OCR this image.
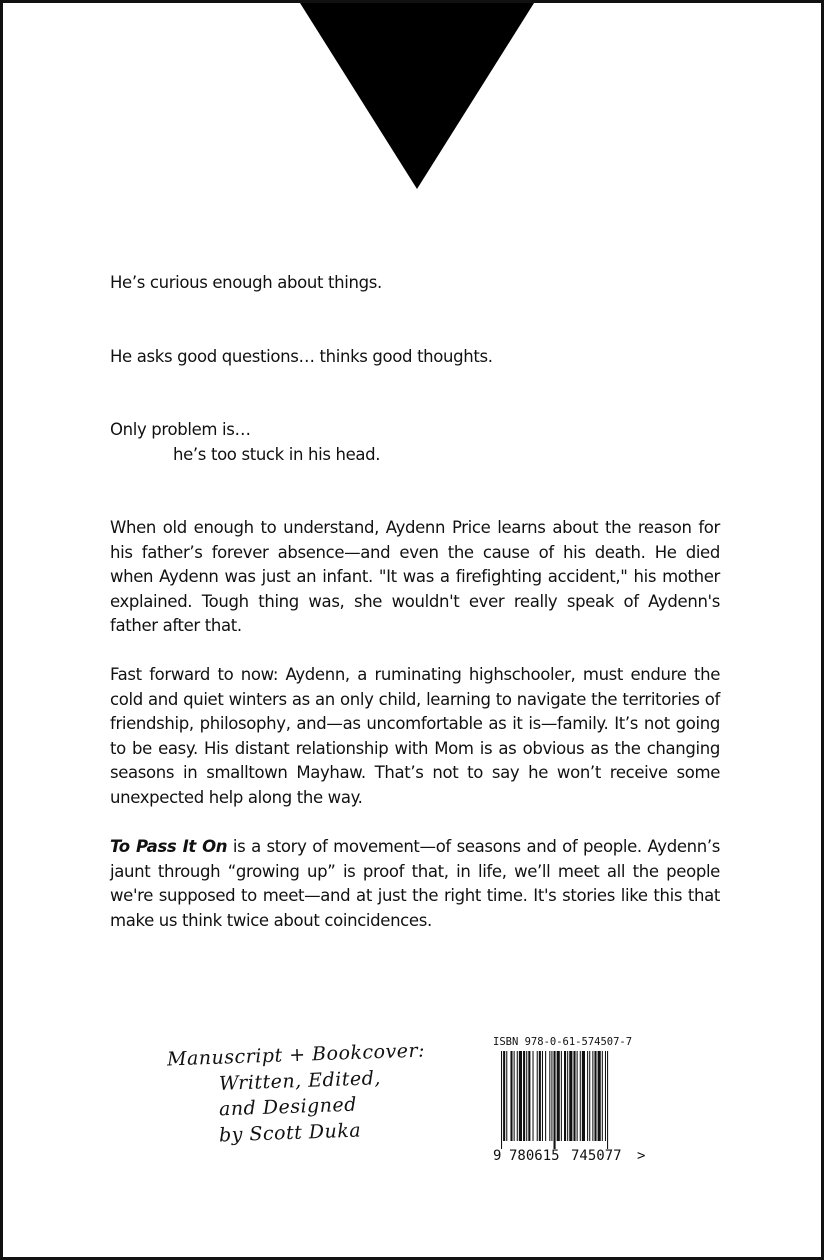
He’s curious enough about things.
He asks good questions… thinks good thoughts.
Only problem is…
he’s too stuck in his head.
When old enough to understand, Aydenn Price learns about the reason for his father’s forever absence—and even the cause of his death. He died when Aydenn was just an infant. "It was a firefighting accident," his mother explained. Tough thing was, she wouldn't ever really speak of Aydenn's father after that.
Fast forward to now: Aydenn, a ruminating highschooler, must endure the cold and quiet winters as an only child, learning to navigate the territories of friendship, philosophy, and—as uncomfortable as it is—family. It’s not going to be easy. His distant relationship with Mom is as obvious as the changing seasons in smalltown Mayhaw. That’s not to say he won’t receive some unexpected help along the way.
To Pass It On is a story of movement—of seasons and of people. Aydenn’s jaunt through “growing up” is proof that, in life, we’ll meet all the people we're supposed to meet—and at just the right time. It's stories like this that make us think twice about coincidences.
Manuscript + Bookcover:
Written, Edited,
and Designed
by Scott Duka
ISBN 978-0-61-574507-7
9 780615 745077 >
